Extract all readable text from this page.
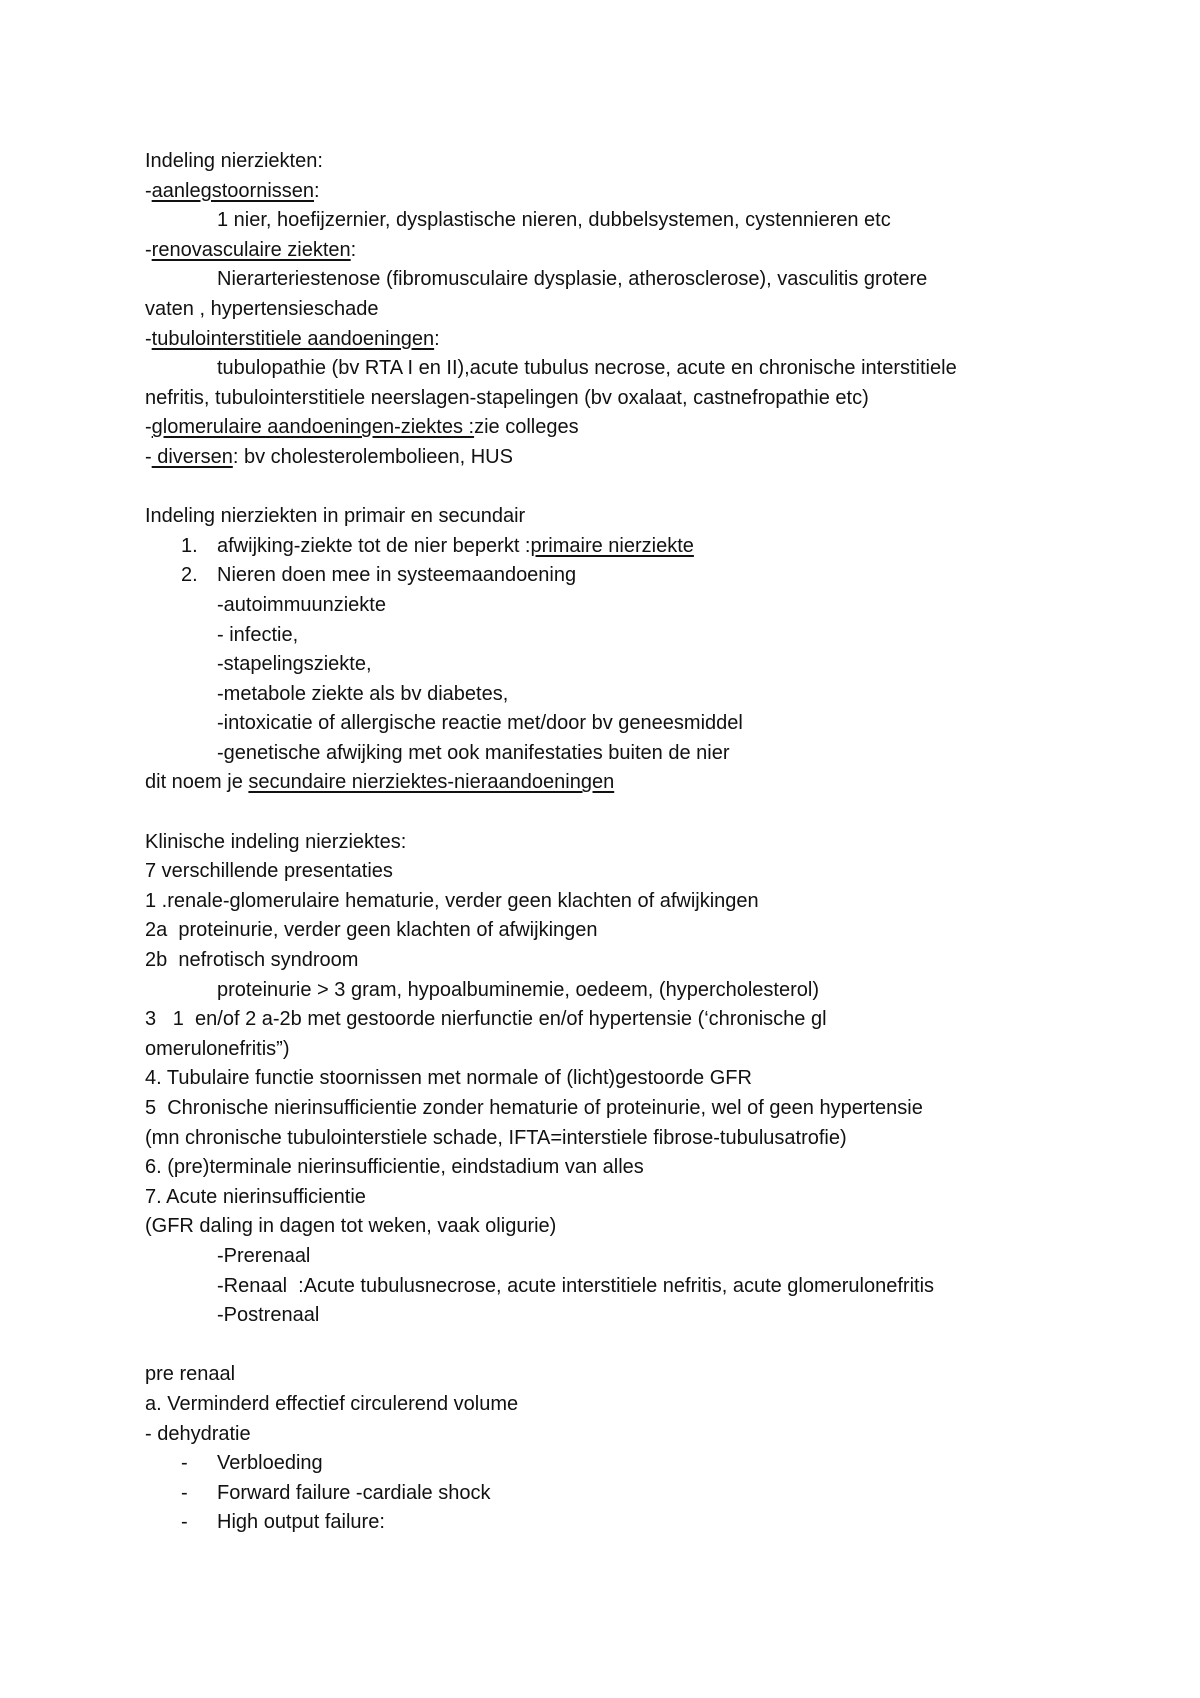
Indeling nierziekten:
-aanlegstoornissen:
1 nier, hoefijzernier, dysplastische nieren, dubbelsystemen, cystennieren etc
-renovasculaire ziekten:
Nierarteriestenose (fibromusculaire dysplasie, atherosclerose), vasculitis grotere
vaten , hypertensieschade
-tubulointerstitiele aandoeningen:
tubulopathie (bv RTA I en II),acute tubulus necrose, acute en chronische interstitiele
nefritis, tubulointerstitiele neerslagen-stapelingen (bv oxalaat, castnefropathie etc)
-glomerulaire aandoeningen-ziektes :zie colleges
- diversen: bv cholesterolembolieen, HUS
Indeling nierziekten in primair en secundair
1. afwijking-ziekte tot de nier beperkt :primaire nierziekte
2. Nieren doen mee in systeemaandoening
-autoimmuunziekte
- infectie,
-stapelingsziekte,
-metabole ziekte als bv diabetes,
-intoxicatie of allergische reactie met/door bv geneesmiddel
-genetische afwijking met ook manifestaties buiten de nier
dit noem je secundaire nierziektes-nieraandoeningen
Klinische indeling nierziektes:
7 verschillende presentaties
1 .renale-glomerulaire hematurie, verder geen klachten of afwijkingen
2a  proteinurie, verder geen klachten of afwijkingen
2b  nefrotisch syndroom
proteinurie > 3 gram, hypoalbuminemie, oedeem, (hypercholesterol)
3   1  en/of 2 a-2b met gestoorde nierfunctie en/of hypertensie (‘chronische gl
omerulonefritis”)
4. Tubulaire functie stoornissen met normale of (licht)gestoorde GFR
5  Chronische nierinsufficientie zonder hematurie of proteinurie, wel of geen hypertensie
(mn chronische tubulointerstiele schade, IFTA=interstiele fibrose-tubulusatrofie)
6. (pre)terminale nierinsufficientie, eindstadium van alles
7. Acute nierinsufficientie
(GFR daling in dagen tot weken, vaak oligurie)
-Prerenaal
-Renaal  :Acute tubulusnecrose, acute interstitiele nefritis, acute glomerulonefritis
-Postrenaal
pre renaal
a. Verminderd effectief circulerend volume
- dehydratie
- Verbloeding
- Forward failure -cardiale shock
- High output failure:
